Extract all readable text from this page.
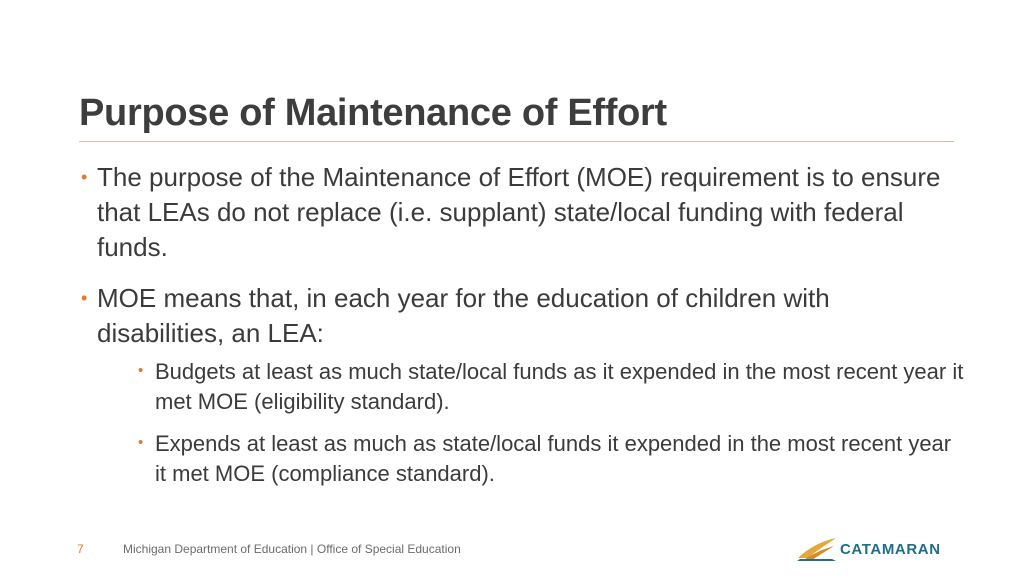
Purpose of Maintenance of Effort
• The purpose of the Maintenance of Effort (MOE) requirement is to ensure that LEAs do not replace (i.e. supplant) state/local funding with federal funds.
• MOE means that, in each year for the education of children with disabilities, an LEA:
• Budgets at least as much state/local funds as it expended in the most recent year it met MOE (eligibility standard).
• Expends at least as much as state/local funds it expended in the most recent year it met MOE (compliance standard).
7	Michigan Department of Education | Office of Special Education	CATAMARAN
